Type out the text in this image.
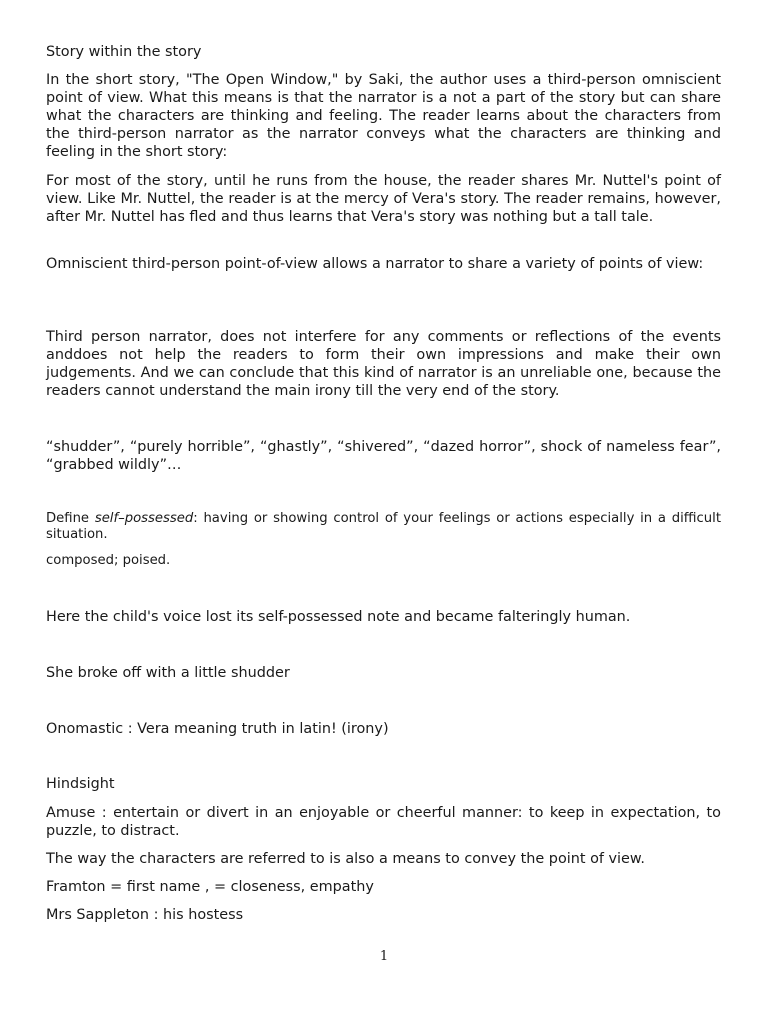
Story within the story

In the short story, "The Open Window," by Saki, the author uses a third-person omniscient point of view. What this means is that the narrator is a not a part of the story but can share what the characters are thinking and feeling. The reader learns about the characters from the third-person narrator as the narrator conveys what the characters are thinking and feeling in the short story:

For most of the story, until he runs from the house, the reader shares Mr. Nuttel's point of view. Like Mr. Nuttel, the reader is at the mercy of Vera's story. The reader remains, however, after Mr. Nuttel has fled and thus learns that Vera's story was nothing but a tall tale.

Omniscient third-person point-of-view allows a narrator to share a variety of points of view:

Third person narrator, does not interfere for any comments or reflections of the events anddoes not help the readers to form their own impressions and make their own judgements. And we can conclude that this kind of narrator is an unreliable one, because the readers cannot understand the main irony till the very end of the story.

“shudder”, “purely horrible”, “ghastly”, “shivered”, “dazed horror”, shock of nameless fear”, “grabbed wildly”…

Define self–possessed: having or showing control of your feelings or actions especially in a difficult situation.

composed; poised.

Here the child's voice lost its self-possessed note and became falteringly human.

She broke off with a little shudder

Onomastic : Vera meaning truth in latin! (irony)

Hindsight

Amuse : entertain or divert in an enjoyable or cheerful manner: to keep in expectation, to puzzle, to distract.

The way the characters are referred to is also a means to convey the point of view.

Framton = first name , = closeness, empathy

Mrs Sappleton : his hostess

1
